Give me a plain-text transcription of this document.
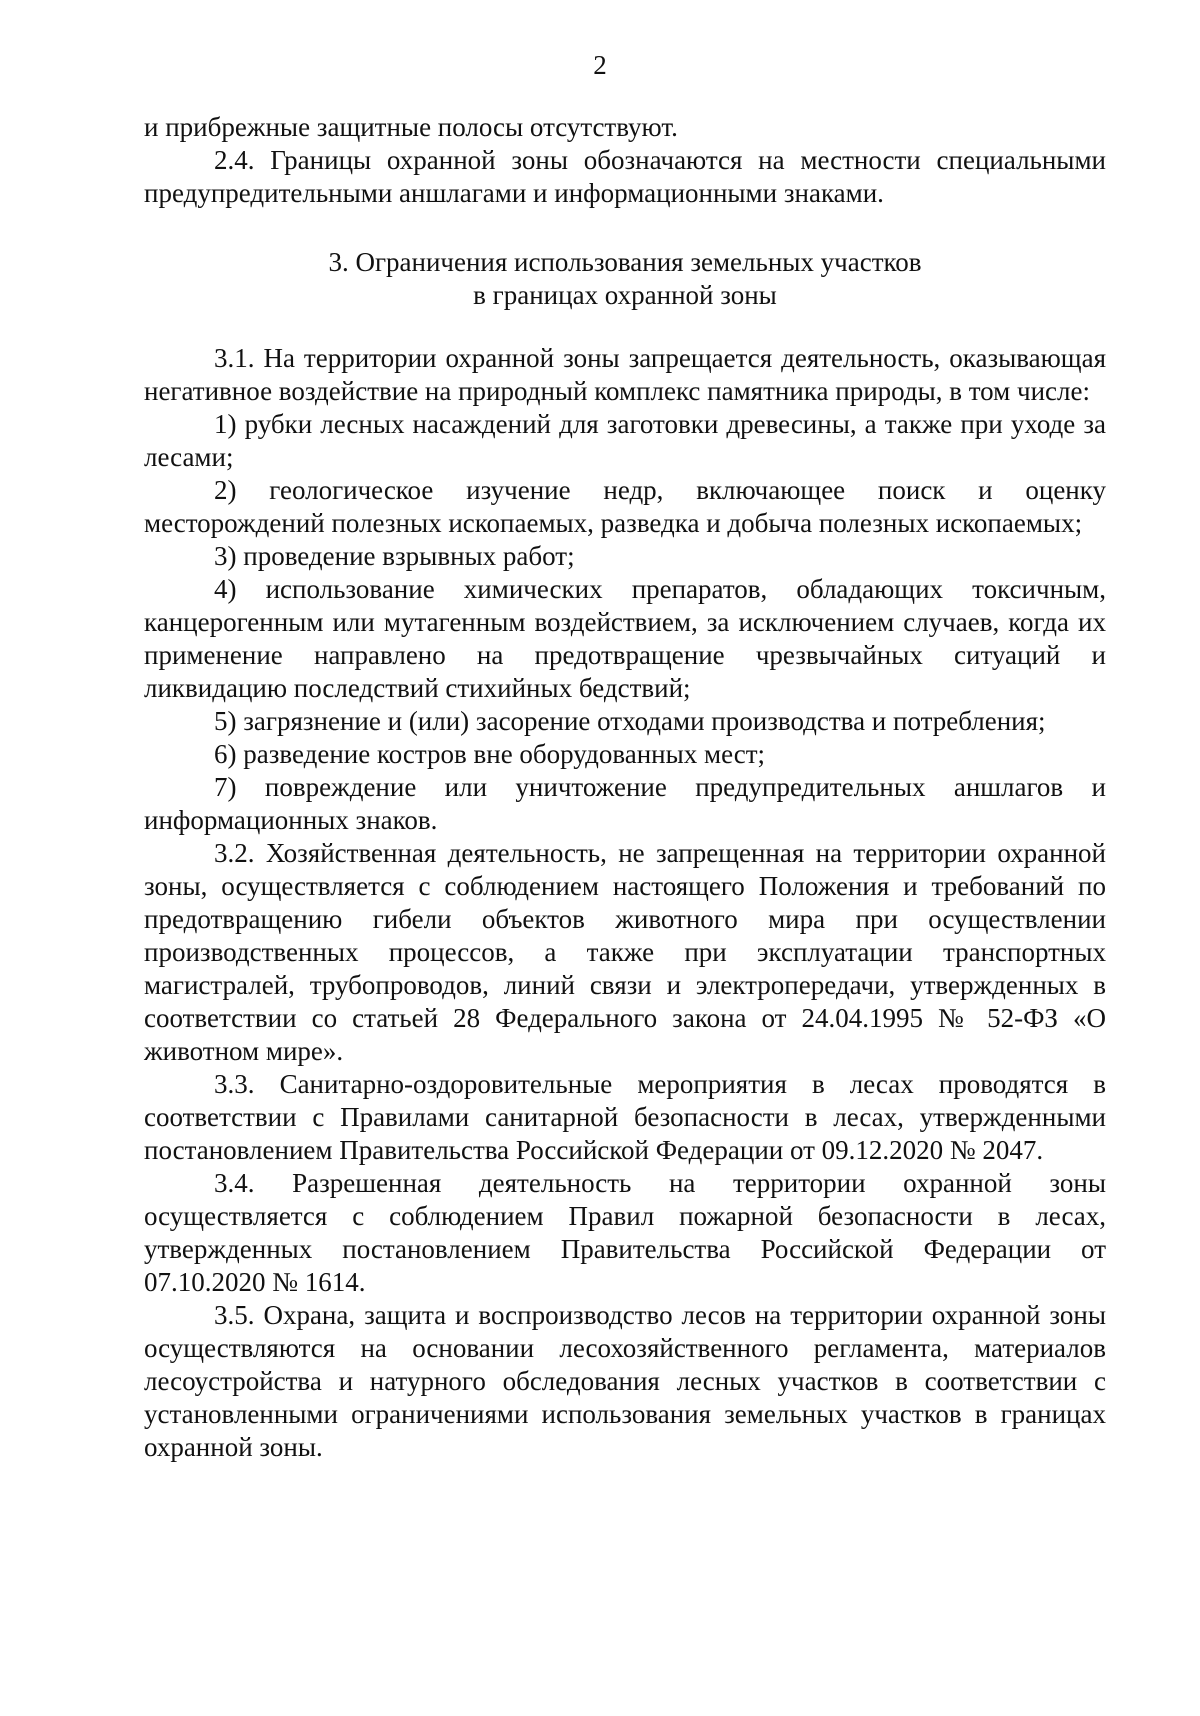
2

и прибрежные защитные полосы отсутствуют.

2.4. Границы охранной зоны обозначаются на местности специальными предупредительными аншлагами и информационными знаками.

3. Ограничения использования земельных участков
в границах охранной зоны

3.1. На территории охранной зоны запрещается деятельность, оказывающая негативное воздействие на природный комплекс памятника природы, в том числе:

1) рубки лесных насаждений для заготовки древесины, а также при уходе за лесами;

2) геологическое изучение недр, включающее поиск и оценку месторождений полезных ископаемых, разведка и добыча полезных ископаемых;

3) проведение взрывных работ;

4) использование химических препаратов, обладающих токсичным, канцерогенным или мутагенным воздействием, за исключением случаев, когда их применение направлено на предотвращение чрезвычайных ситуаций и ликвидацию последствий стихийных бедствий;

5) загрязнение и (или) засорение отходами производства и потребления;

6) разведение костров вне оборудованных мест;

7) повреждение или уничтожение предупредительных аншлагов и информационных знаков.

3.2. Хозяйственная деятельность, не запрещенная на территории охранной зоны, осуществляется с соблюдением настоящего Положения и требований по предотвращению гибели объектов животного мира при осуществлении производственных процессов, а также при эксплуатации транспортных магистралей, трубопроводов, линий связи и электропередачи, утвержденных в соответствии со статьей 28 Федерального закона от 24.04.1995 № 52-ФЗ «О животном мире».

3.3. Санитарно-оздоровительные мероприятия в лесах проводятся в соответствии с Правилами санитарной безопасности в лесах, утвержденными постановлением Правительства Российской Федерации от 09.12.2020 № 2047.

3.4. Разрешенная деятельность на территории охранной зоны осуществляется с соблюдением Правил пожарной безопасности в лесах, утвержденных постановлением Правительства Российской Федерации от 07.10.2020 № 1614.

3.5. Охрана, защита и воспроизводство лесов на территории охранной зоны осуществляются на основании лесохозяйственного регламента, материалов лесоустройства и натурного обследования лесных участков в соответствии с установленными ограничениями использования земельных участков в границах охранной зоны.
